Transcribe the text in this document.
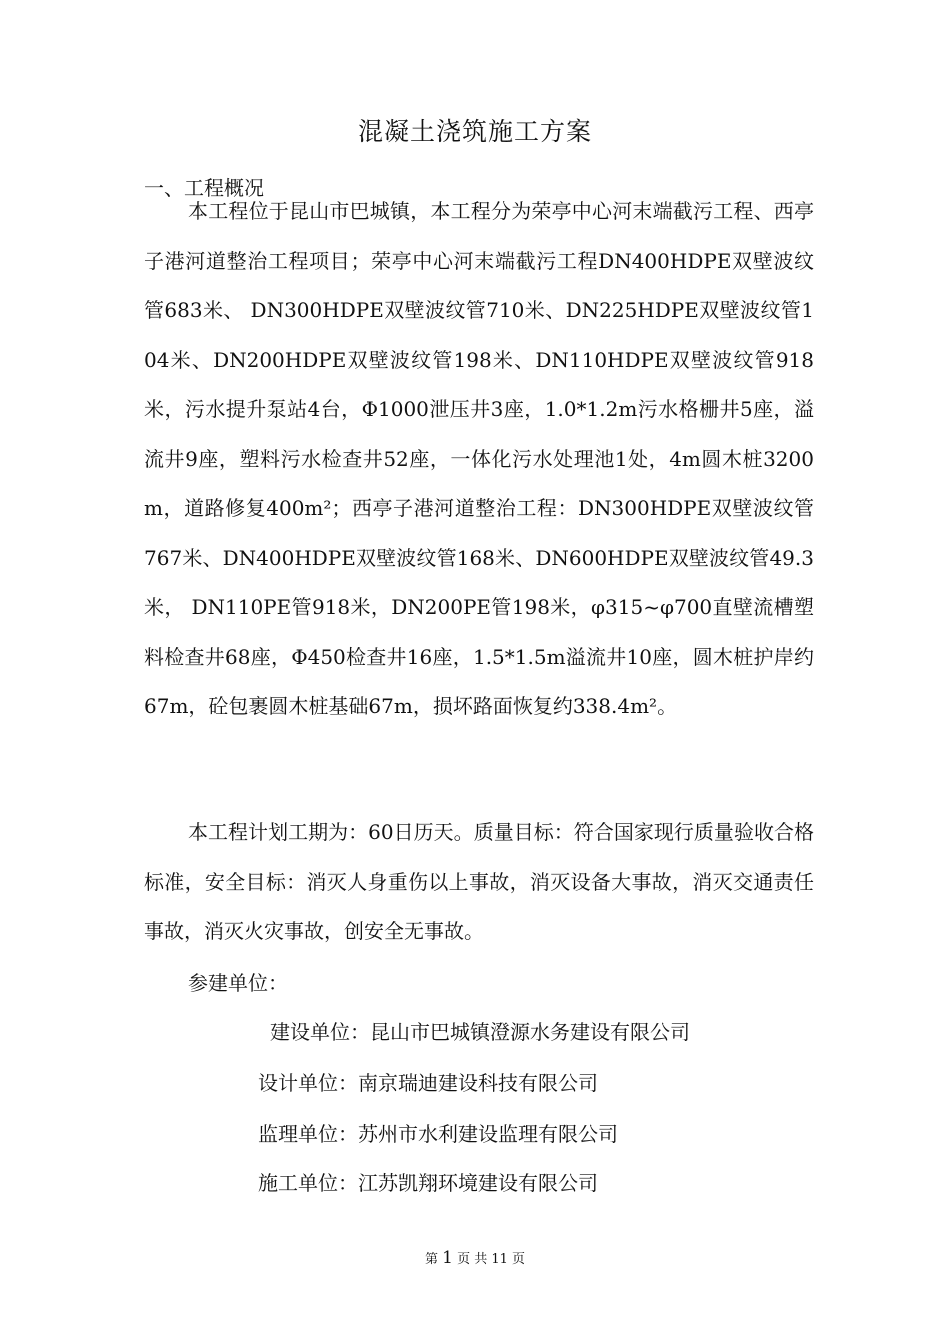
混凝土浇筑施工方案
一、工程概况

本工程位于昆山市巴城镇，本工程分为荣亭中心河末端截污工程、西亭子港河道整治工程项目；荣亭中心河末端截污工程DN400HDPE双壁波纹管683米、 DN300HDPE双壁波纹管710米、DN225HDPE双壁波纹管104米、DN200HDPE双壁波纹管198米、DN110HDPE双壁波纹管918米，污水提升泵站4台，Φ1000泄压井3座，1.0*1.2m污水格栅井5座，溢流井9座，塑料污水检查井52座，一体化污水处理池1处，4m圆木桩3200m，道路修复400m²；西亭子港河道整治工程：DN300HDPE双壁波纹管767米、DN400HDPE双壁波纹管168米、DN600HDPE双壁波纹管49.3米， DN110PE管918米，DN200PE管198米，φ315~φ700直壁流槽塑料检查井68座，Φ450检查井16座，1.5*1.5m溢流井10座，圆木桩护岸约67m，砼包裹圆木桩基础67m，损坏路面恢复约338.4m²。

本工程计划工期为：60日历天。质量目标：符合国家现行质量验收合格标准，安全目标：消灭人身重伤以上事故，消灭设备大事故，消灭交通责任事故，消灭火灾事故，创安全无事故。

参建单位：

建设单位：昆山市巴城镇澄源水务建设有限公司

设计单位：南京瑞迪建设科技有限公司

监理单位：苏州市水利建设监理有限公司

施工单位：江苏凯翔环境建设有限公司

第 1 页 共 11 页
